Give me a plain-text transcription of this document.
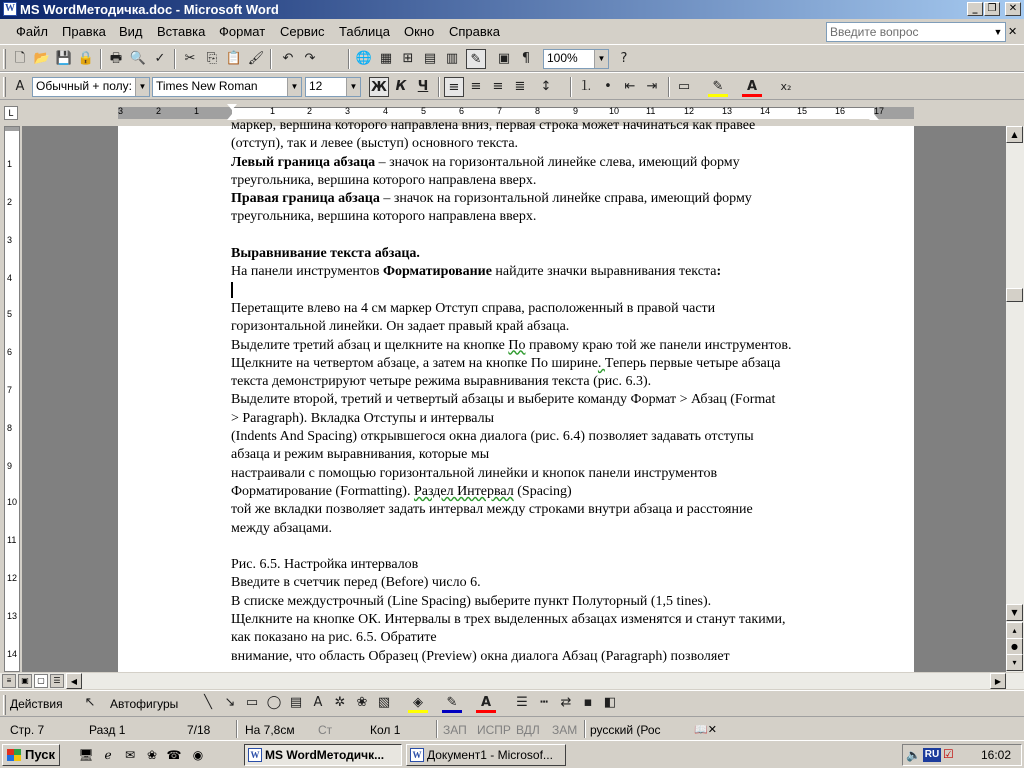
W MS WordМетодичка.doc - Microsoft Word	_	❐	✕
Файл Правка Вид Вставка Формат Сервис Таблица Окно Справка	Введите вопрос	▼ ✕
🗋 📂 💾 🔒 🖶 🔍 ✓	✂ ⎘ 📋 🖌	↶ ↷	🌐 ▦ ⊞ ▤ ▥ ✎	▣ ¶	100%	▼	?
A Обычный + полу: ▼ Times New Roman	▼ 12	▼ Ж К Ч	≡ ≡ ≡ ≣	↕	⒈ • ⇤ ⇥	▭	✎	A	x₂
L	3	2	1	1	2	3	4	5	6	7	8	9	10	11	12	13	14	15	16	17
1
2
3
4
5
6
7
8
9
10
11
12
13
14

маркер, вершина которого направлена вниз, первая строка может начинаться как правее

(отступ), так и левее (выступ) основного текста.

Левый граница абзаца – значок на горизонтальной линейке слева, имеющий форму

треугольника, вершина которого направлена вверх.

Правая граница абзаца – значок на горизонтальной линейке справа, имеющий форму

треугольника, вершина которого направлена вверх.

Выравнивание текста абзаца.

На панели инструментов Форматирование найдите значки выравнивания текста:

Перетащите влево на 4 см маркер Отступ справа, расположенный в правой части

горизонтальной линейки. Он задает правый край абзаца.

Выделите третий абзац и щелкните на кнопке По правому краю той же панели инструментов.

Щелкните на четвертом абзаце, а затем на кнопке По ширине. Теперь первые четыре абзаца

текста демонстрируют четыре режима выравнивания текста (рис. 6.3).

Выделите второй, третий и четвертый абзацы и выберите команду Формат > Абзац (Format

> Paragraph). Вкладка Отступы и интервалы

(Indents And Spacing) открывшегося окна диалога (рис. 6.4) позволяет задавать отступы

абзаца и режим выравнивания, которые мы

настраивали с помощью горизонтальной линейки и кнопок панели инструментов

Форматирование (Formatting). Раздел Интервал (Spacing)

той же вкладки позволяет задать интервал между строками внутри абзаца и расстояние

между абзацами.

Рис. 6.5. Настройка интервалов

Введите в счетчик перед (Before) число 6.

В списке междустрочный (Line Spacing) выберите пункт Полуторный (1,5 tines).

Щелкните на кнопке ОК. Интервалы в трех выделенных абзацах изменятся и станут такими,

как показано на рис. 6.5. Обратите

внимание, что область Образец (Preview) окна диалога Абзац (Paragraph) позволяет

▲
▼
▴
●
▾
≡	▣	▢	☰	◀	▶
Действия	↖	Автофигуры	╲ ↘ ▭ ◯ ▤ A ✲ ❀ ▧	◈	✎	A	☰ ┅ ⇄ ▪ ◧
Стр. 7	Разд 1	7/18	На 7,8см Ст	Кол 1	ЗАП ИСПР ВДЛ ЗАМ русский (Рос	📖✕
Пуск	🖥 ℯ	✉ ❀ ☎ ◉	W MS WordМетодичк...	W Документ1 - Microsof...	🔈 RU ☑ 16:02
